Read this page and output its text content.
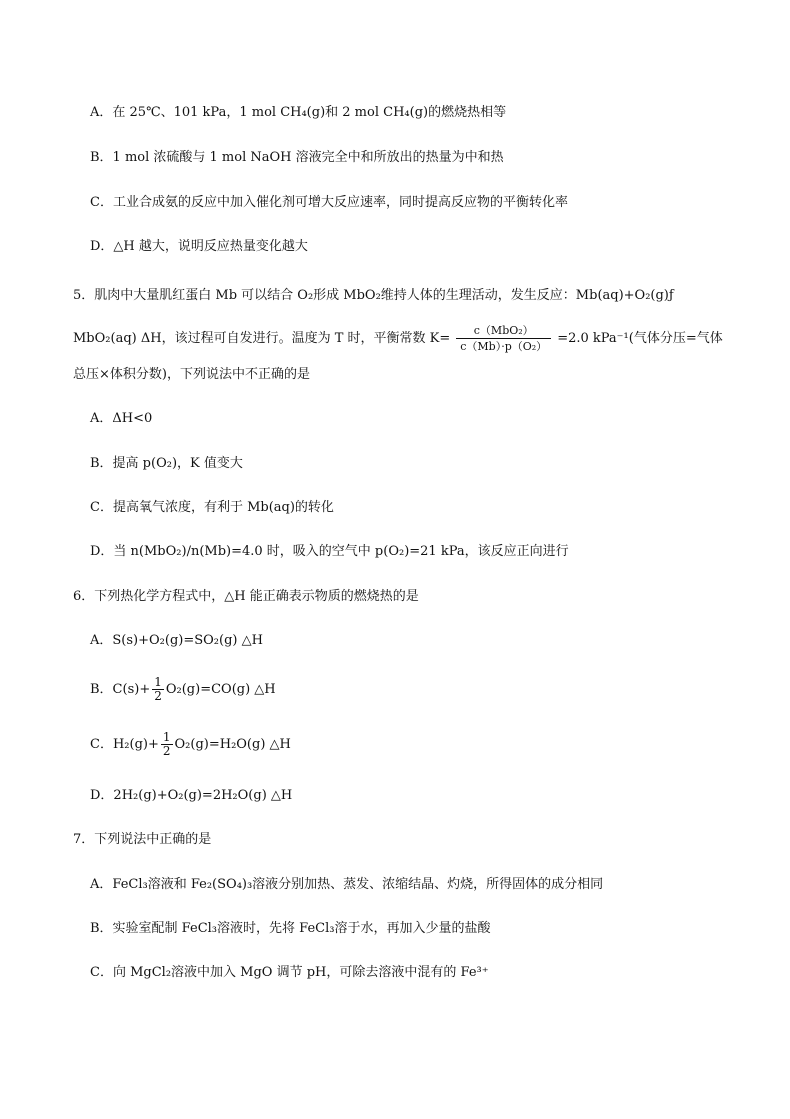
A．在 25℃、101 kPa，1 mol CH₄(g)和 2 mol CH₄(g)的燃烧热相等
B．1 mol 浓硫酸与 1 mol NaOH 溶液完全中和所放出的热量为中和热
C．工业合成氨的反应中加入催化剂可增大反应速率，同时提高反应物的平衡转化率
D．△H 越大，说明反应热量变化越大
5．肌肉中大量肌红蛋白 Mb 可以结合 O₂形成 MbO₂维持人体的生理活动，发生反应：Mb(aq)+O₂(g)ƒ
MbO₂(aq) ΔH，该过程可自发进行。温度为 T 时，平衡常数 $K= \frac{\text{c（MbO₂）}}{\text{c（Mb）·p（O₂）}} =2.0$ kPa⁻¹(气体分压=气体
总压×体积分数)，下列说法中不正确的是
A．ΔH<0
B．提高 p(O₂)，K 值变大
C．提高氧气浓度，有利于 Mb(aq)的转化
D．当 n(MbO₂)/n(Mb)=4.0 时，吸入的空气中 p(O₂)=21 kPa，该反应正向进行
6．下列热化学方程式中，△H 能正确表示物质的燃烧热的是
A．S(s)+O₂(g)=SO₂(g) △H
B．$C(s)+ \frac{1}{2} O_2(g)=CO(g)$ △H
C．$H_2(g)+ \frac{1}{2} O_2(g)=H_2O(g)$ △H
D．2H₂(g)+O₂(g)=2H₂O(g) △H
7．下列说法中正确的是
A．FeCl₃溶液和 Fe₂(SO₄)₃溶液分别加热、蒸发、浓缩结晶、灼烧，所得固体的成分相同
B．实验室配制 FeCl₃溶液时，先将 FeCl₃溶于水，再加入少量的盐酸
C．向 MgCl₂溶液中加入 MgO 调节 pH，可除去溶液中混有的 Fe³⁺
